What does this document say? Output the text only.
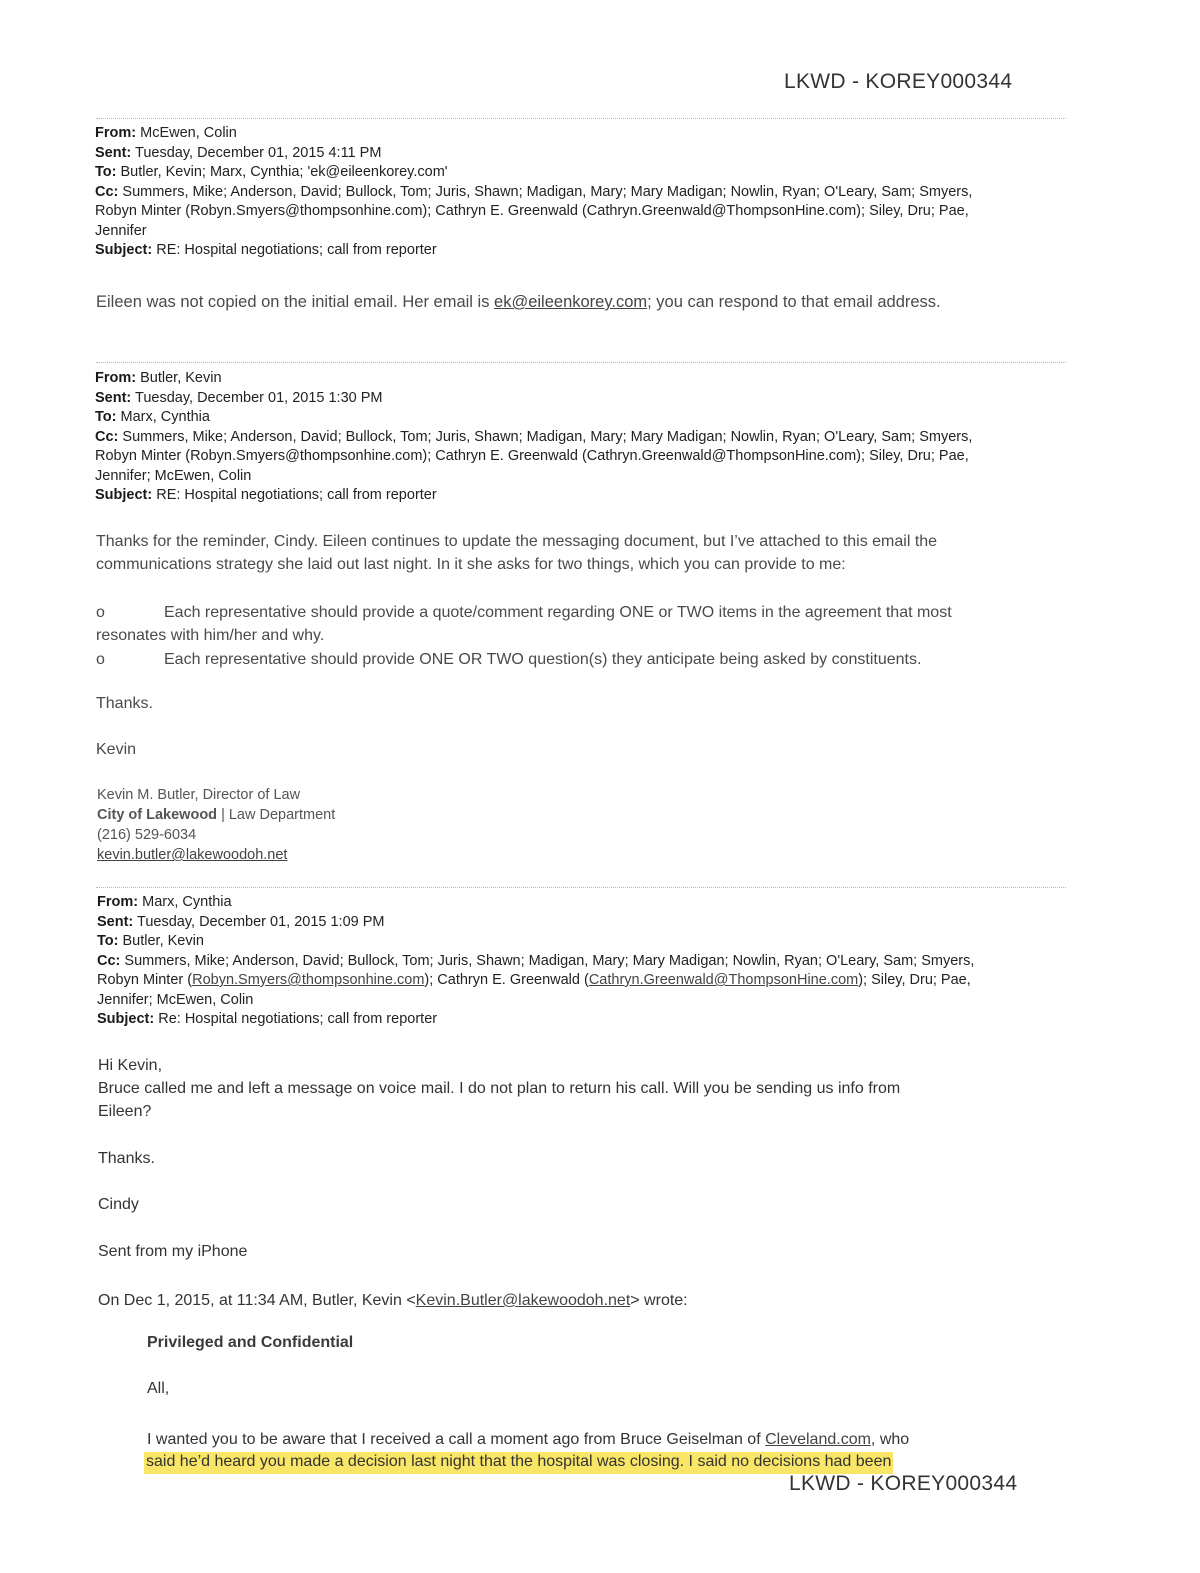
LKWD - KOREY000344
From: McEwen, Colin
Sent: Tuesday, December 01, 2015 4:11 PM
To: Butler, Kevin; Marx, Cynthia; 'ek@eileenkorey.com'
Cc: Summers, Mike; Anderson, David; Bullock, Tom; Juris, Shawn; Madigan, Mary; Mary Madigan; Nowlin, Ryan; O'Leary, Sam; Smyers,
Robyn Minter (Robyn.Smyers@thompsonhine.com); Cathryn E. Greenwald (Cathryn.Greenwald@ThompsonHine.com); Siley, Dru; Pae,
Jennifer
Subject: RE: Hospital negotiations; call from reporter
Eileen was not copied on the initial email. Her email is ek@eileenkorey.com; you can respond to that email address.
From: Butler, Kevin
Sent: Tuesday, December 01, 2015 1:30 PM
To: Marx, Cynthia
Cc: Summers, Mike; Anderson, David; Bullock, Tom; Juris, Shawn; Madigan, Mary; Mary Madigan; Nowlin, Ryan; O'Leary, Sam; Smyers,
Robyn Minter (Robyn.Smyers@thompsonhine.com); Cathryn E. Greenwald (Cathryn.Greenwald@ThompsonHine.com); Siley, Dru; Pae,
Jennifer; McEwen, Colin
Subject: RE: Hospital negotiations; call from reporter
Thanks for the reminder, Cindy. Eileen continues to update the messaging document, but I’ve attached to this email the
communications strategy she laid out last night. In it she asks for two things, which you can provide to me:
o	Each representative should provide a quote/comment regarding ONE or TWO items in the agreement that most
resonates with him/her and why.
o	Each representative should provide ONE OR TWO question(s) they anticipate being asked by constituents.
Thanks.
Kevin
Kevin M. Butler, Director of Law
City of Lakewood | Law Department
(216) 529-6034
kevin.butler@lakewoodoh.net
From: Marx, Cynthia
Sent: Tuesday, December 01, 2015 1:09 PM
To: Butler, Kevin
Cc: Summers, Mike; Anderson, David; Bullock, Tom; Juris, Shawn; Madigan, Mary; Mary Madigan; Nowlin, Ryan; O'Leary, Sam; Smyers,
Robyn Minter (Robyn.Smyers@thompsonhine.com); Cathryn E. Greenwald (Cathryn.Greenwald@ThompsonHine.com); Siley, Dru; Pae,
Jennifer; McEwen, Colin
Subject: Re: Hospital negotiations; call from reporter
Hi Kevin,
Bruce called me and left a message on voice mail. I do not plan to return his call. Will you be sending us info from
Eileen?
Thanks.
Cindy
Sent from my iPhone
On Dec 1, 2015, at 11:34 AM, Butler, Kevin <Kevin.Butler@lakewoodoh.net> wrote:
Privileged and Confidential
All,
I wanted you to be aware that I received a call a moment ago from Bruce Geiselman of Cleveland.com, who
said he’d heard you made a decision last night that the hospital was closing. I said no decisions had been
LKWD - KOREY000344
